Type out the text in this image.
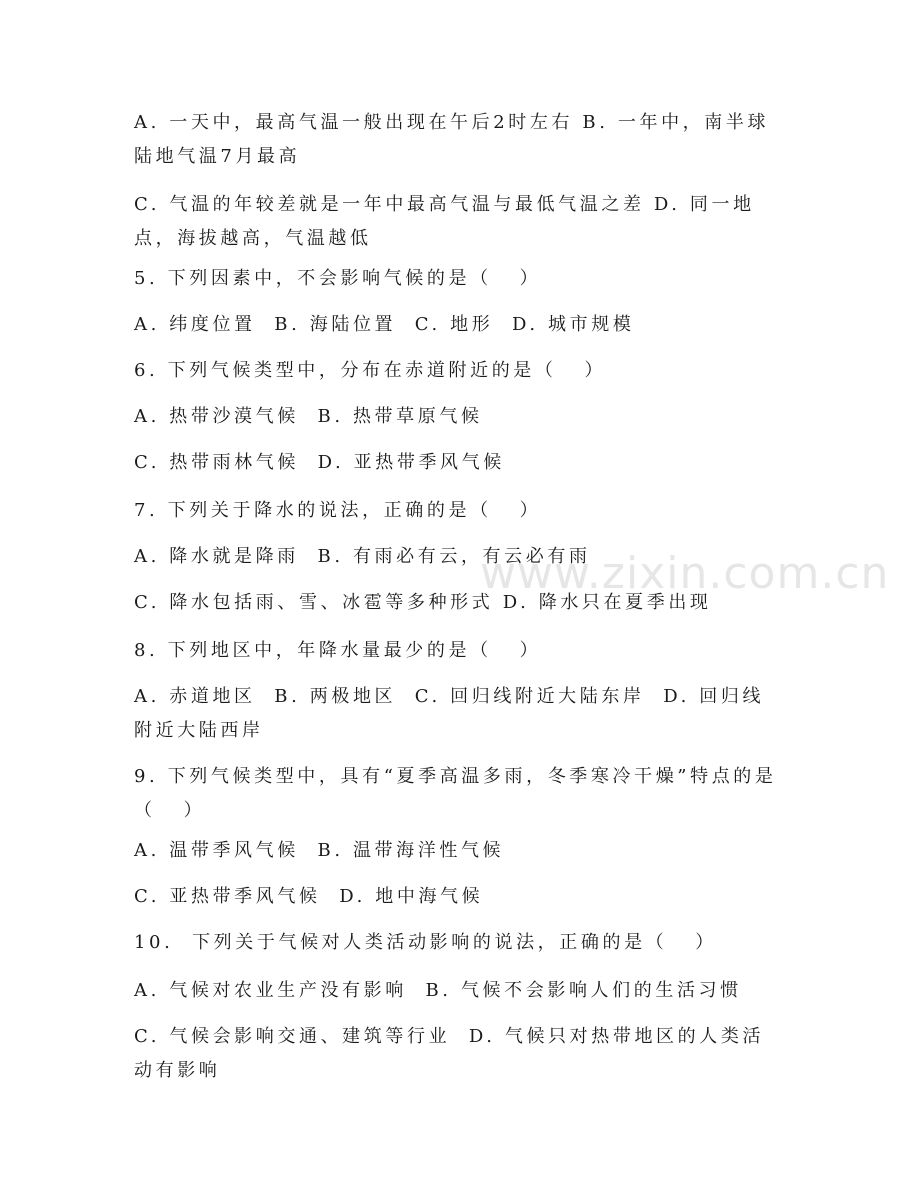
www.zixin.com.cn
A. 一天中，最高气温一般出现在午后2时左右 B. 一年中，南半球陆地气温7月最高
C. 气温的年较差就是一年中最高气温与最低气温之差 D. 同一地点，海拔越高，气温越低
5. 下列因素中，不会影响气候的是（   ）
A. 纬度位置  B. 海陆位置  C. 地形  D. 城市规模
6. 下列气候类型中，分布在赤道附近的是（   ）
A. 热带沙漠气候  B. 热带草原气候
C. 热带雨林气候  D. 亚热带季风气候
7. 下列关于降水的说法，正确的是（   ）
A. 降水就是降雨  B. 有雨必有云，有云必有雨
C. 降水包括雨、雪、冰雹等多种形式 D. 降水只在夏季出现
8. 下列地区中，年降水量最少的是（   ）
A. 赤道地区  B. 两极地区  C. 回归线附近大陆东岸  D. 回归线附近大陆西岸
9. 下列气候类型中，具有“夏季高温多雨，冬季寒冷干燥”特点的是（   ）
A. 温带季风气候  B. 温带海洋性气候
C. 亚热带季风气候  D. 地中海气候
10.  下列关于气候对人类活动影响的说法，正确的是（   ）
A. 气候对农业生产没有影响  B. 气候不会影响人们的生活习惯
C. 气候会影响交通、建筑等行业  D. 气候只对热带地区的人类活动有影响
